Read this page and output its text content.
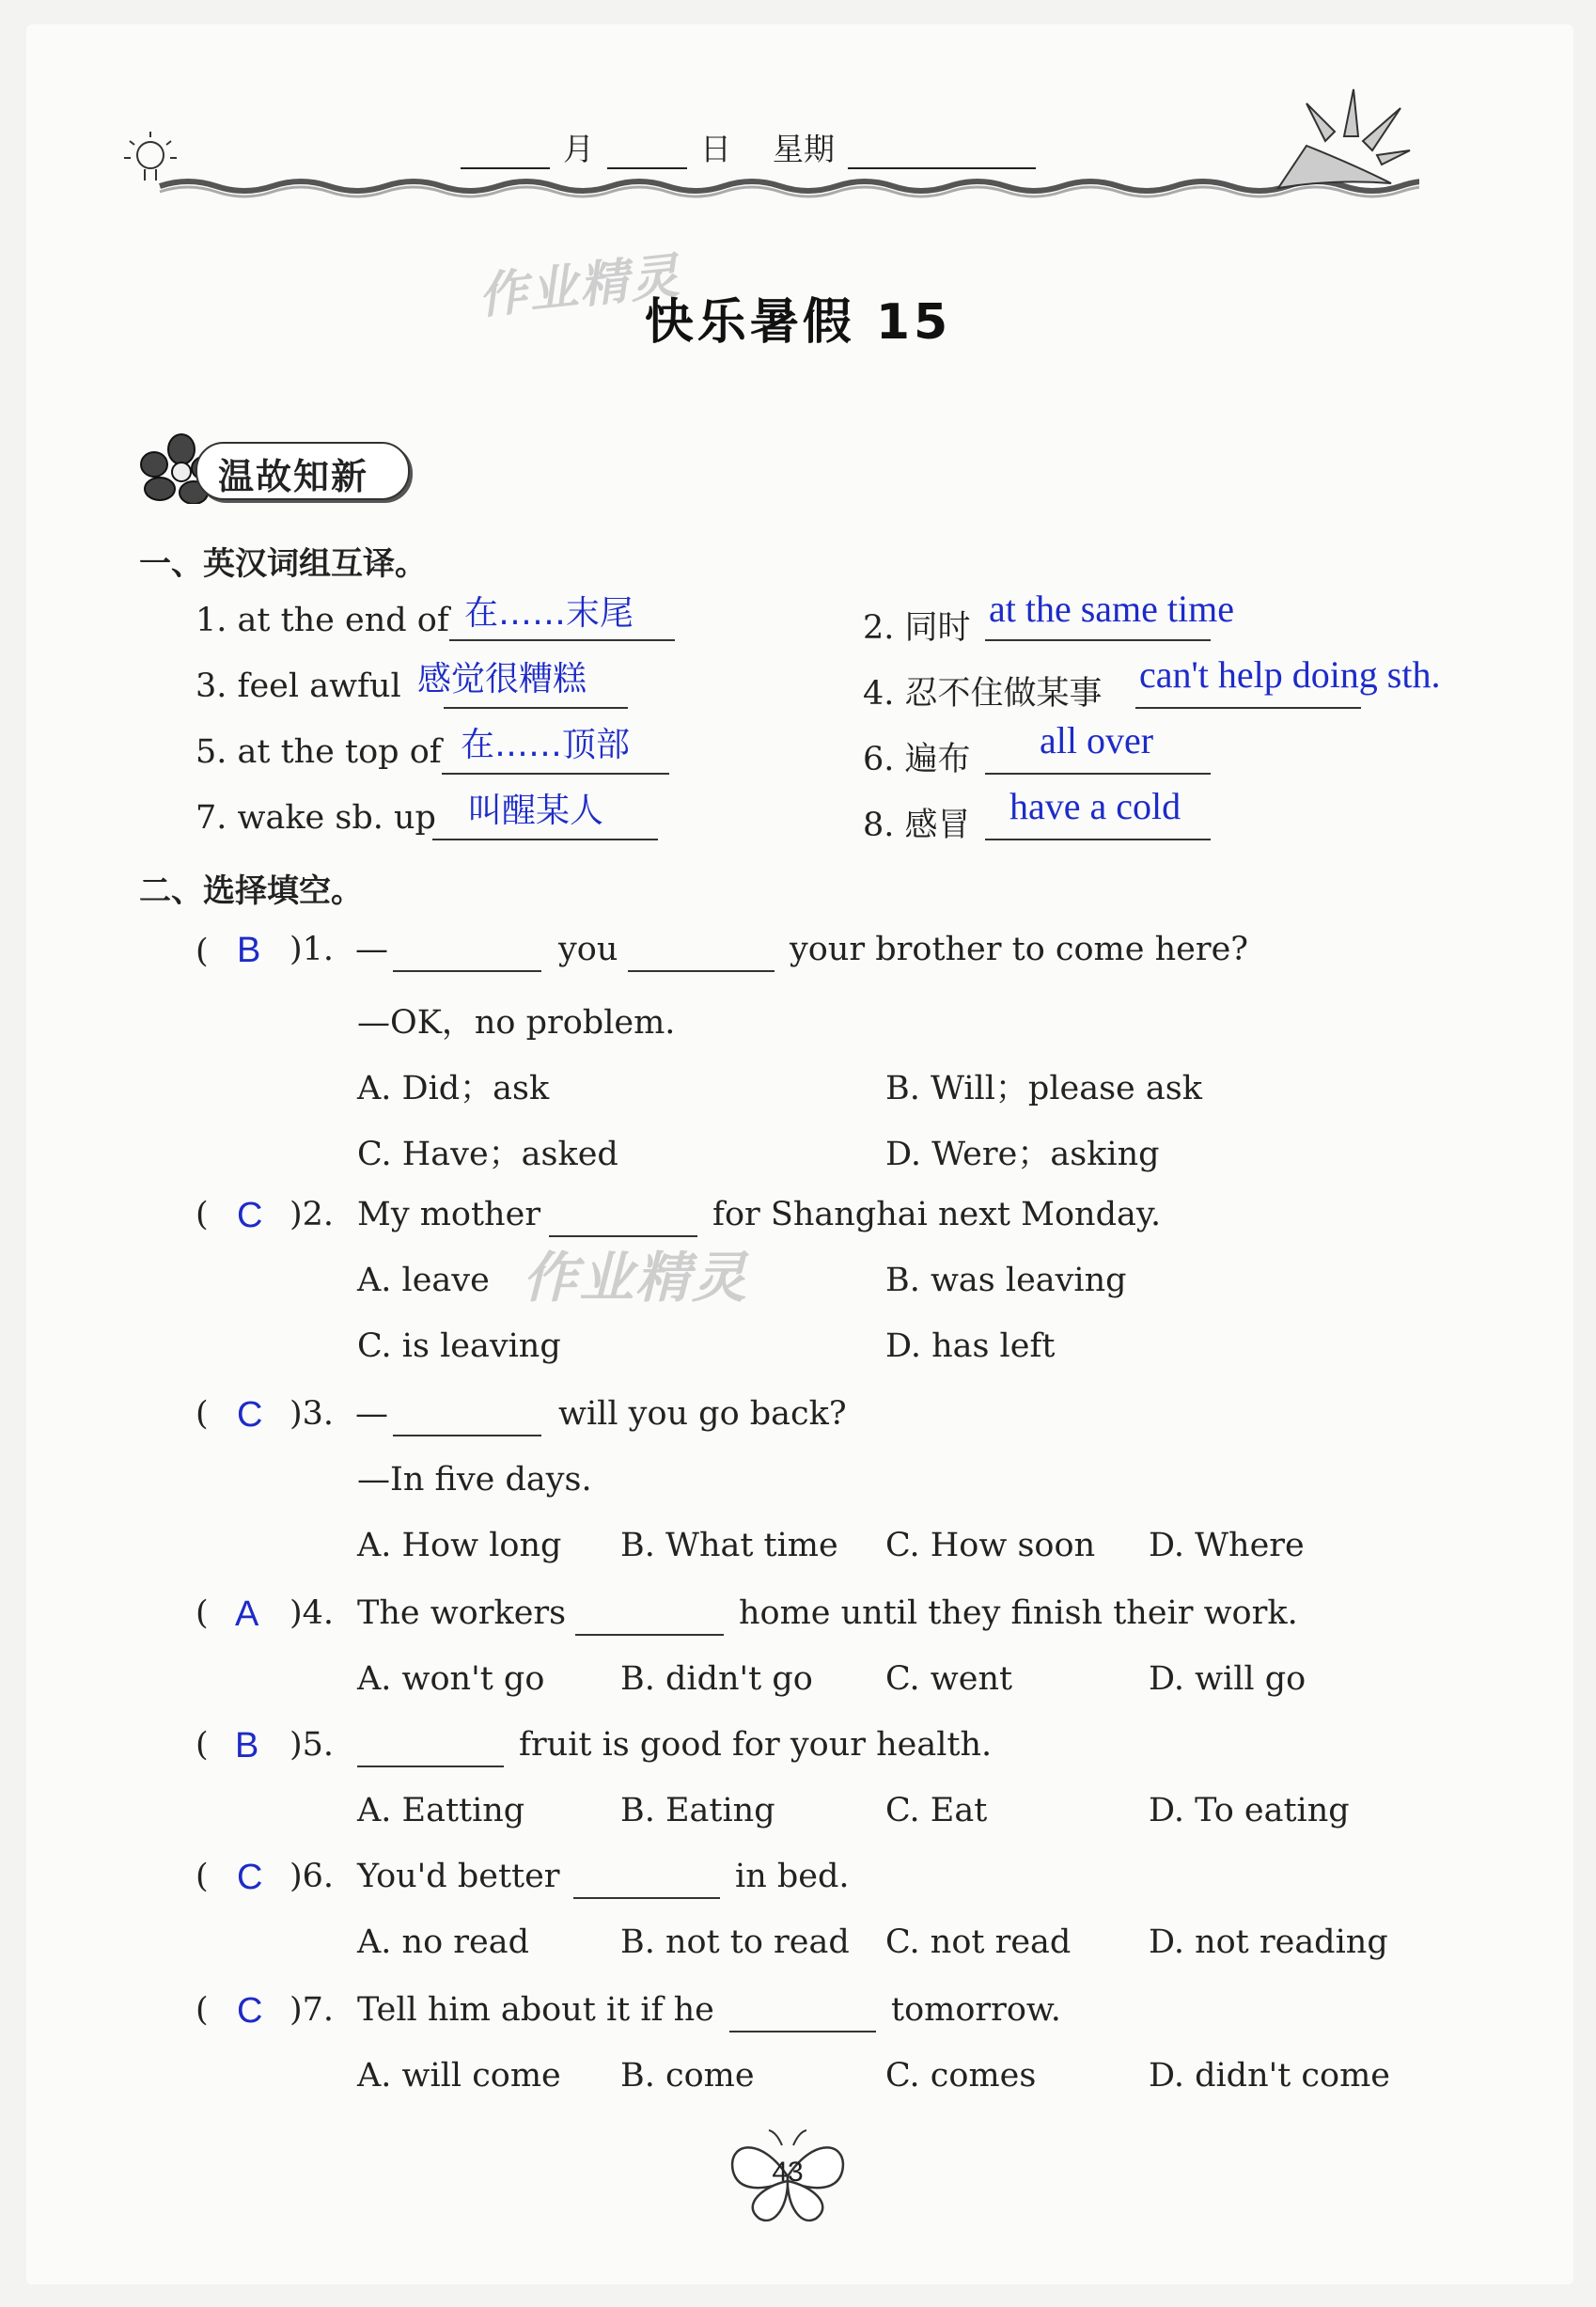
月	日 星期
作业精灵
快乐暑假 15
温故知新
一、英汉词组互译。
1. at the end of 在……末尾	2. 同时 at the same time
3. feel awful 感觉很糟糕	4. 忍不住做某事 can't help doing sth.
5. at the top of 在……顶部	6. 遍布 all over
7. wake sb. up 叫醒某人	8. 感冒 have a cold
二、选择填空。
( B )1. —	you	your brother to come here?
—OK，no problem.
A. Did；ask	B. Will；please ask
C. Have；asked	D. Were；asking
( C )2. My mother	for Shanghai next Monday.
A. leave	B. was leaving
C. is leaving	D. has left
作业精灵
( C )3. —	will you go back?
—In five days.
A. How long B. What time C. How soon D. Where
( A )4. The workers	home until they finish their work.
A. won't go B. didn't go C. went	D. will go
( B )5.	fruit is good for your health.
A. Eatting	B. Eating	C. Eat	D. To eating
( C )6. You'd better	in bed.
A. no read	B. not to read C. not read D. not reading
( C )7. Tell him about it if he	tomorrow.
A. will come B. come	C. comes	D. didn't come
43
